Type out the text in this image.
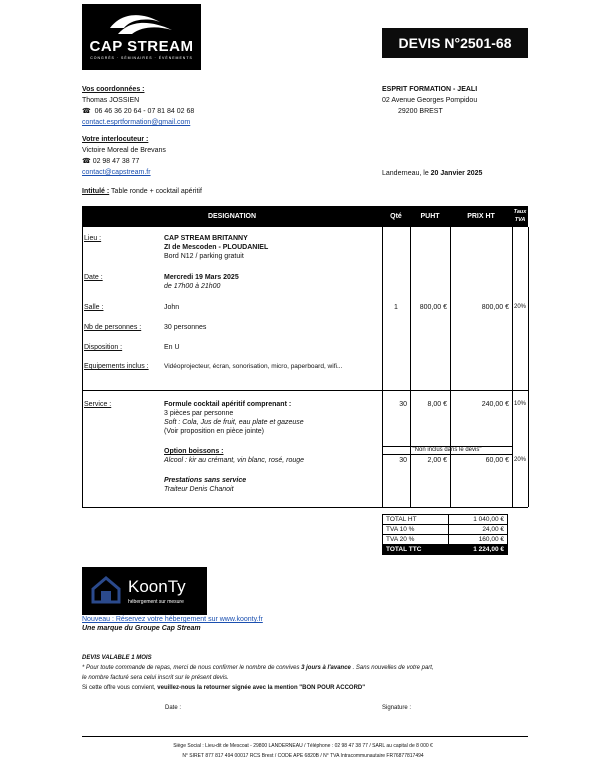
CAP STREAM
CONGRÈS · SÉMINAIRES · ÉVÉNEMENTS
DEVIS N°2501-68
Vos coordonnées :
Thomas JOSSIEN
☎ 06 46 36 20 64 - 07 81 84 02 68
contact.esprtformation@gmail.com
Votre interlocuteur :
Victoire Moreal de Brevans
☎ 02 98 47 38 77
contact@capstream.fr
ESPRIT FORMATION - JEALI
02 Avenue Georges Pompidou
29200 BREST
Landerneau, le 20 Janvier 2025
Intitulé : Table ronde + cocktail apéritif
DESIGNATION	Qté	PUHT	PRIX HT
Taux TVA
Lieu :	CAP STREAM BRITANNY
ZI de Mescoden - PLOUDANIEL
Bord N12 / parking gratuit
Date :	Mercredi 19 Mars 2025
de 17h00 à 21h00
Salle :	John	1	800,00 €	800,00 € 20%
Nb de personnes :	30 personnes
Disposition :	En U
Equipements inclus : Vidéoprojecteur, écran, sonorisation, micro, paperboard, wifi...
Service :	Formule cocktail apéritif comprenant :
3 pièces par personne
Soft : Cola, Jus de fruit, eau plate et gazeuse
(Voir proposition en pièce jointe)
30	8,00 €	240,00 € 10%
"Non inclus dans le devis"
Option boissons :
Alcool : kir au crémant, vin blanc, rosé, rouge	30	2,00 €	60,00 € 20%
Prestations sans service
Traiteur Denis Chanoit
TOTAL HT	1 040,00 €
TVA 10 %	24,00 €
TVA 20 %	160,00 €
TOTAL TTC	1 224,00 €
KoonTy
hébergement sur mesure
Nouveau : Réservez votre hébergement sur www.koonty.fr
Une marque du Groupe Cap Stream
DEVIS VALABLE 1 MOIS
* Pour toute commande de repas, merci de nous confirmer le nombre de convives 3 jours à l'avance . Sans nouvelles de votre part,
le nombre facturé sera celui inscrit sur le présent devis.
Si cette offre vous convient, veuillez-nous la retourner signée avec la mention "BON POUR ACCORD"
Date :	Signature :
Siège Social : Lieu-dit de Mescoat - 29800 LANDERNEAU / Téléphone : 02 98 47 38 77 / SARL au capital de 8 000 €
N° SIRET 877 817 494 00017 RCS Brest / CODE APE 6820B / N° TVA Intracommunautaire FR76877817494
